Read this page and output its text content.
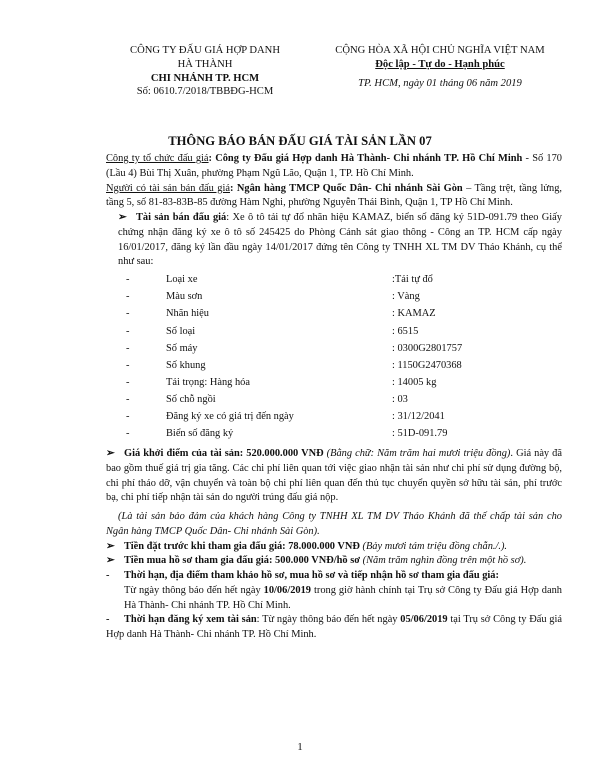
CÔNG TY ĐẤU GIÁ HỢP DANH
HÀ THÀNH
CHI NHÁNH TP. HCM
Số: 0610.7/2018/TBBĐG-HCM
CỘNG HÒA XÃ HỘI CHỦ NGHĨA VIỆT NAM
Độc lập - Tự do - Hạnh phúc
TP. HCM, ngày 01 tháng 06 năm 2019
THÔNG BÁO BÁN ĐẤU GIÁ TÀI SẢN LẦN 07

Công ty tổ chức đấu giá: Công ty Đấu giá Hợp danh Hà Thành- Chi nhánh TP. Hồ Chí Minh - Số 170 (Lầu 4) Bùi Thị Xuân, phường Phạm Ngũ Lão, Quận 1, TP. Hồ Chí Minh.

Người có tài sản bán đấu giá: Ngân hàng TMCP Quốc Dân- Chi nhánh Sài Gòn – Tầng trệt, tầng lửng, tầng 5, số 81-83-83B-85 đường Hàm Nghi, phường Nguyễn Thái Bình, Quận 1, TP Hồ Chí Minh.

➢ Tài sản bán đấu giá: Xe ô tô tải tự đổ nhãn hiệu KAMAZ, biển số đăng ký 51D-091.79 theo Giấy chứng nhận đăng ký xe ô tô số 245425 do Phòng Cảnh sát giao thông - Công an TP. HCM cấp ngày 16/01/2017, đăng ký lần đầu ngày 14/01/2017 đứng tên Công ty TNHH XL TM DV Tháo Khánh, cụ thể như sau:

-	Loại xe	:Tải tự đổ
-	Màu sơn	: Vàng
-	Nhãn hiệu	: KAMAZ
-	Số loại	: 6515
-	Số máy	: 0300G2801757
-	Số khung	: 1150G2470368
-	Tải trọng: Hàng hóa	: 14005 kg
-	Số chỗ ngồi	: 03
-	Đăng ký xe có giá trị đến ngày	: 31/12/2041
-	Biển số đăng ký	: 51D-091.79

➢ Giá khởi điểm của tài sản: 520.000.000 VNĐ (Bằng chữ: Năm trăm hai mươi triệu đồng). Giá này đã bao gồm thuế giá trị gia tăng. Các chi phí liên quan tới việc giao nhận tài sản như chi phí sử dụng đường bộ, chi phí tháo dỡ, vận chuyển và toàn bộ chi phí liên quan đến thủ tục chuyển quyền sở hữu tài sản, phí trước bạ, chi phí tiếp nhận tài sản do người trúng đấu giá nộp.

(Là tài sản bảo đảm của khách hàng Công ty TNHH XL TM DV Tháo Khánh đã thế chấp tài sản cho Ngân hàng TMCP Quốc Dân- Chi nhánh Sài Gòn).

➢ Tiền đặt trước khi tham gia đấu giá: 78.000.000 VNĐ (Bảy mươi tám triệu đồng chẵn./.).

➢ Tiền mua hồ sơ tham gia đấu giá: 500.000 VNĐ/hồ sơ (Năm trăm nghìn đồng trên một hồ sơ).

- Thời hạn, địa điểm tham khảo hồ sơ, mua hồ sơ và tiếp nhận hồ sơ tham gia đấu giá:

Từ ngày thông báo đến hết ngày 10/06/2019 trong giờ hành chính tại Trụ sở Công ty Đấu giá Hợp danh Hà Thành- Chi nhánh TP. Hồ Chí Minh.

- Thời hạn đăng ký xem tài sản: Từ ngày thông báo đến hết ngày 05/06/2019 tại Trụ sở Công ty Đấu giá Hợp danh Hà Thành- Chi nhánh TP. Hồ Chí Minh.

1
